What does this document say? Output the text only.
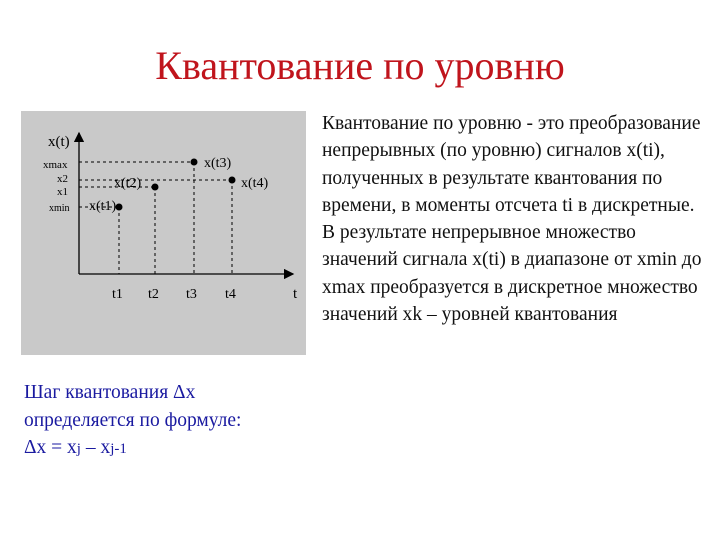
Квантование по уровню
x(t)
t
xmax
x2
x1
xmin x(t1)
x(t2)
x(t3)
x(t4)
t1 t2 t3 t4

Квантование по уровню - это преобразование непрерывных (по уровню) сигналов x(ti), полученных в результате квантования по времени, в моменты отсчета ti в дискретные.

В результате непрерывное множество значений сигнала x(ti) в диапазоне от xmin до xmax преобразуется в дискретное множество значений xk – уровней квантования

Шаг квантования Δx
определяется по формуле:
Δx = xj – xj-1
